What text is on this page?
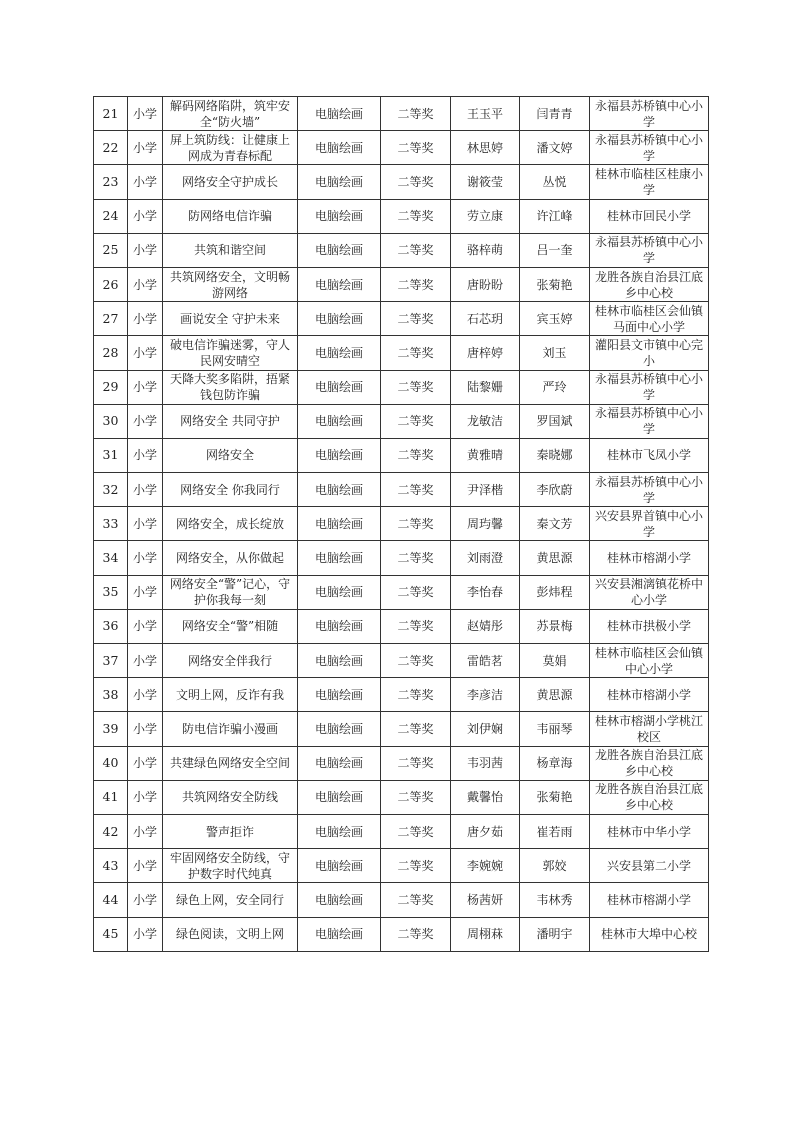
21	小学	解码网络陷阱，筑牢安全“防火墙”	电脑绘画	二等奖	王玉平	闫青青	永福县苏桥镇中心小学
22	小学	屏上筑防线：让健康上网成为青春标配	电脑绘画	二等奖	林思婷	潘文婷	永福县苏桥镇中心小学
23	小学	网络安全守护成长	电脑绘画	二等奖	谢筱莹	丛悦	桂林市临桂区桂康小学
24	小学	防网络电信诈骗	电脑绘画	二等奖	劳立康	许江峰	桂林市回民小学
25	小学	共筑和谐空间	电脑绘画	二等奖	骆梓萌	吕一奎	永福县苏桥镇中心小学
26	小学	共筑网络安全，文明畅游网络	电脑绘画	二等奖	唐盼盼	张菊艳	龙胜各族自治县江底乡中心校
27	小学	画说安全 守护未来	电脑绘画	二等奖	石芯玥	宾玉婷	桂林市临桂区会仙镇马面中心小学
28	小学	破电信诈骗迷雾，守人民网安晴空	电脑绘画	二等奖	唐梓婷	刘玉	灌阳县文市镇中心完小
29	小学	天降大奖多陷阱，捂紧钱包防诈骗	电脑绘画	二等奖	陆黎姗	严玲	永福县苏桥镇中心小学
30	小学	网络安全 共同守护	电脑绘画	二等奖	龙敏洁	罗国斌	永福县苏桥镇中心小学
31	小学	网络安全	电脑绘画	二等奖	黄雅晴	秦晓娜	桂林市飞凤小学
32	小学	网络安全 你我同行	电脑绘画	二等奖	尹泽楷	李欣蔚	永福县苏桥镇中心小学
33	小学	网络安全，成长绽放	电脑绘画	二等奖	周玙馨	秦文芳	兴安县界首镇中心小学
34	小学	网络安全，从你做起	电脑绘画	二等奖	刘雨澄	黄思源	桂林市榕湖小学
35	小学	网络安全“警”记心，守护你我每一刻	电脑绘画	二等奖	李怡春	彭炜程	兴安县湘漓镇花桥中心小学
36	小学	网络安全“警”相随	电脑绘画	二等奖	赵婧彤	苏景梅	桂林市拱极小学
37	小学	网络安全伴我行	电脑绘画	二等奖	雷皓茗	莫娟	桂林市临桂区会仙镇中心小学
38	小学	文明上网，反诈有我	电脑绘画	二等奖	李彦洁	黄思源	桂林市榕湖小学
39	小学	防电信诈骗小漫画	电脑绘画	二等奖	刘伊娴	韦丽琴	桂林市榕湖小学桃江校区
40	小学	共建绿色网络安全空间	电脑绘画	二等奖	韦羽茜	杨章海	龙胜各族自治县江底乡中心校
41	小学	共筑网络安全防线	电脑绘画	二等奖	戴馨怡	张菊艳	龙胜各族自治县江底乡中心校
42	小学	警声拒诈	电脑绘画	二等奖	唐夕茹	崔若雨	桂林市中华小学
43	小学	牢固网络安全防线，守护数字时代纯真	电脑绘画	二等奖	李婉婉	郭姣	兴安县第二小学
44	小学	绿色上网，安全同行	电脑绘画	二等奖	杨茜妍	韦林秀	桂林市榕湖小学
45	小学	绿色阅读，文明上网	电脑绘画	二等奖	周栩菻	潘明宇	桂林市大埠中心校
